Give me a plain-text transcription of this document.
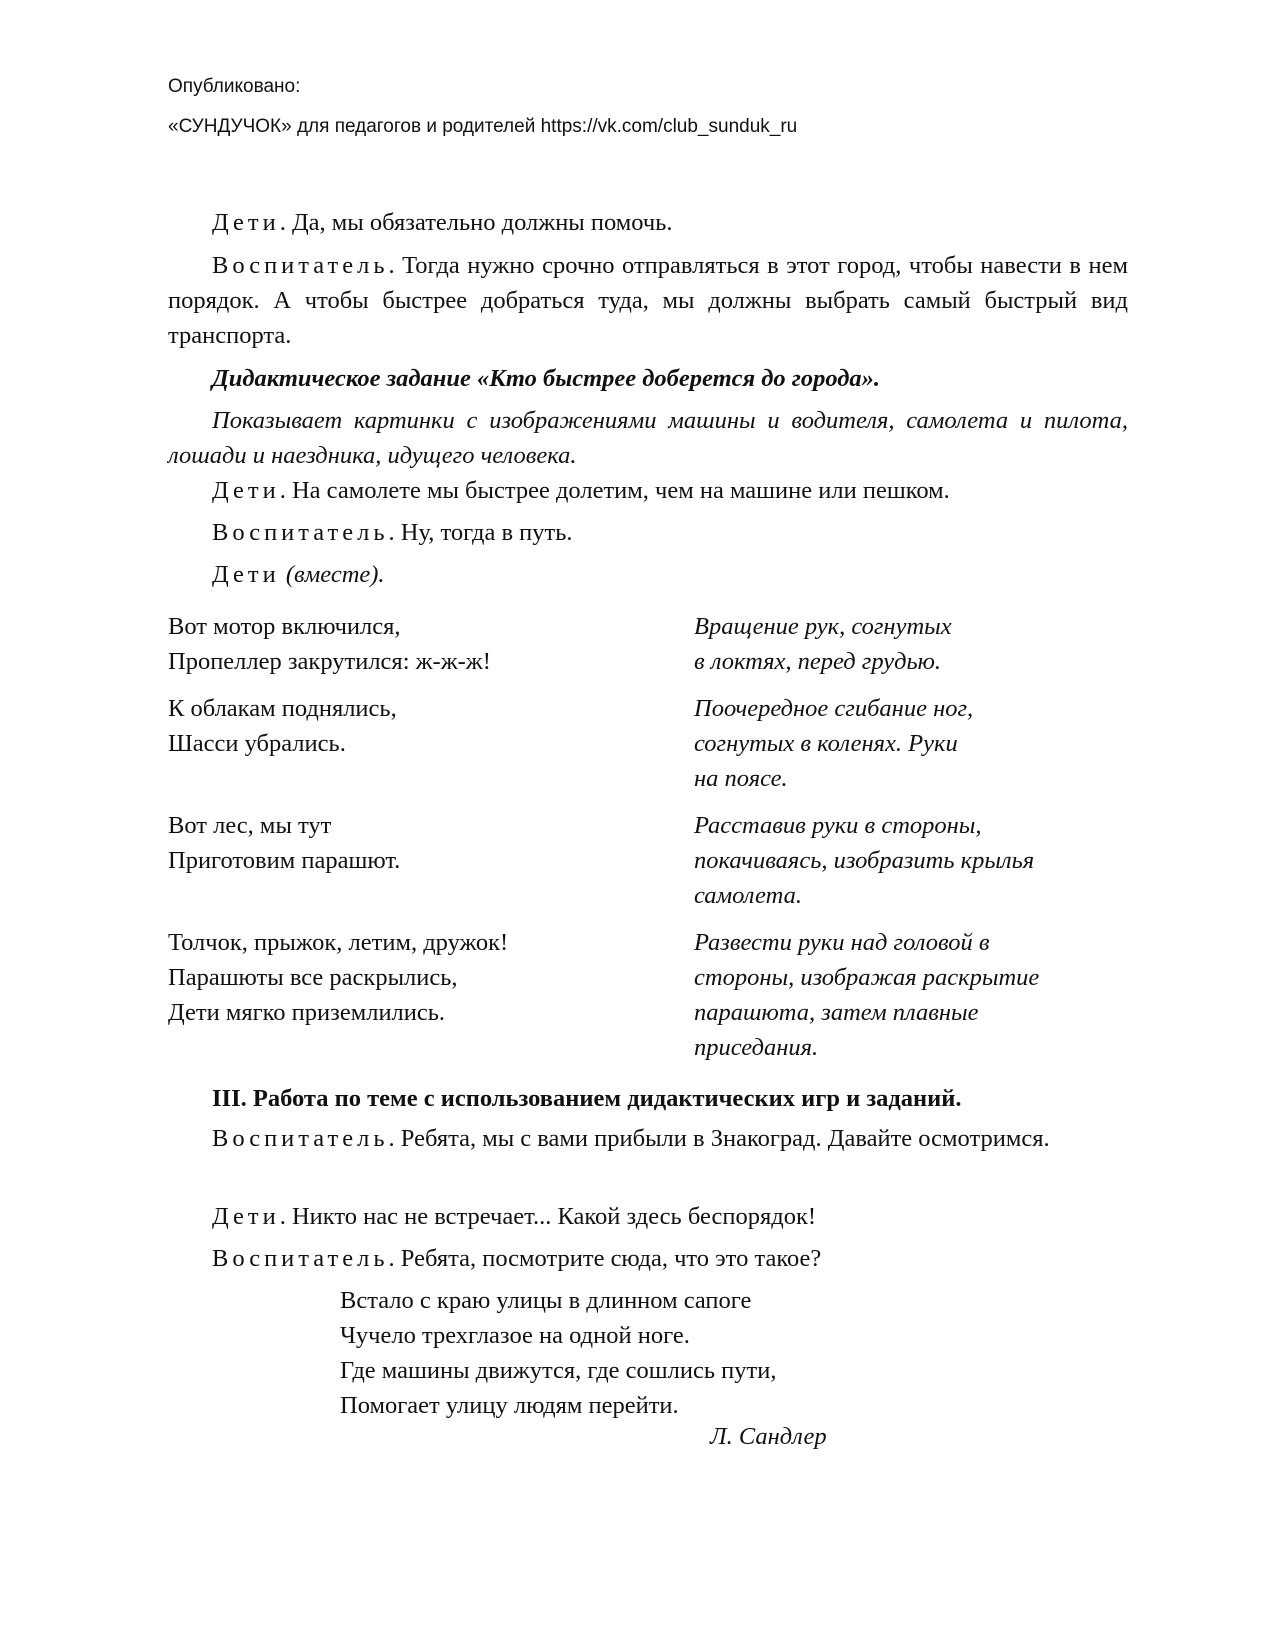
Опубликовано:
«СУНДУЧОК» для педагогов и родителей https://vk.com/club_sunduk_ru
Дети. Да, мы обязательно должны помочь.
Воспитатель. Тогда нужно срочно отправляться в этот город, чтобы навести в нем порядок. А чтобы быстрее добраться туда, мы должны выбрать самый быстрый вид транспорта.
Дидактическое задание «Кто быстрее доберется до города».
Показывает картинки с изображениями машины и водителя, самолета и пилота, лошади и наездника, идущего человека.
Дети. На самолете мы быстрее долетим, чем на машине или пешком.
Воспитатель. Ну, тогда в путь.
Дети (вместе).
Вот мотор включился,
Пропеллер закрутился: ж-ж-ж!
Вращение рук, согнутых
в локтях, перед грудью.
К облакам поднялись,
Шасси убрались.
Поочередное сгибание ног,
согнутых в коленях. Руки
на поясе.
Вот лес, мы тут
Приготовим парашют.
Расставив руки в стороны,
покачиваясь, изобразить крылья
самолета.
Толчок, прыжок, летим, дружок!
Парашюты все раскрылись,
Дети мягко приземлились.
Развести руки над головой в
стороны, изображая раскрытие
парашюта, затем плавные
приседания.
III. Работа по теме с использованием дидактических игр и заданий.
Воспитатель. Ребята, мы с вами прибыли в Знакоград. Давайте осмотримся.
Дети. Никто нас не встречает... Какой здесь беспорядок!
Воспитатель. Ребята, посмотрите сюда, что это такое?
Встало с краю улицы в длинном сапоге
Чучело трехглазое на одной ноге.
Где машины движутся, где сошлись пути,
Помогает улицу людям перейти.
Л. Сандлер
